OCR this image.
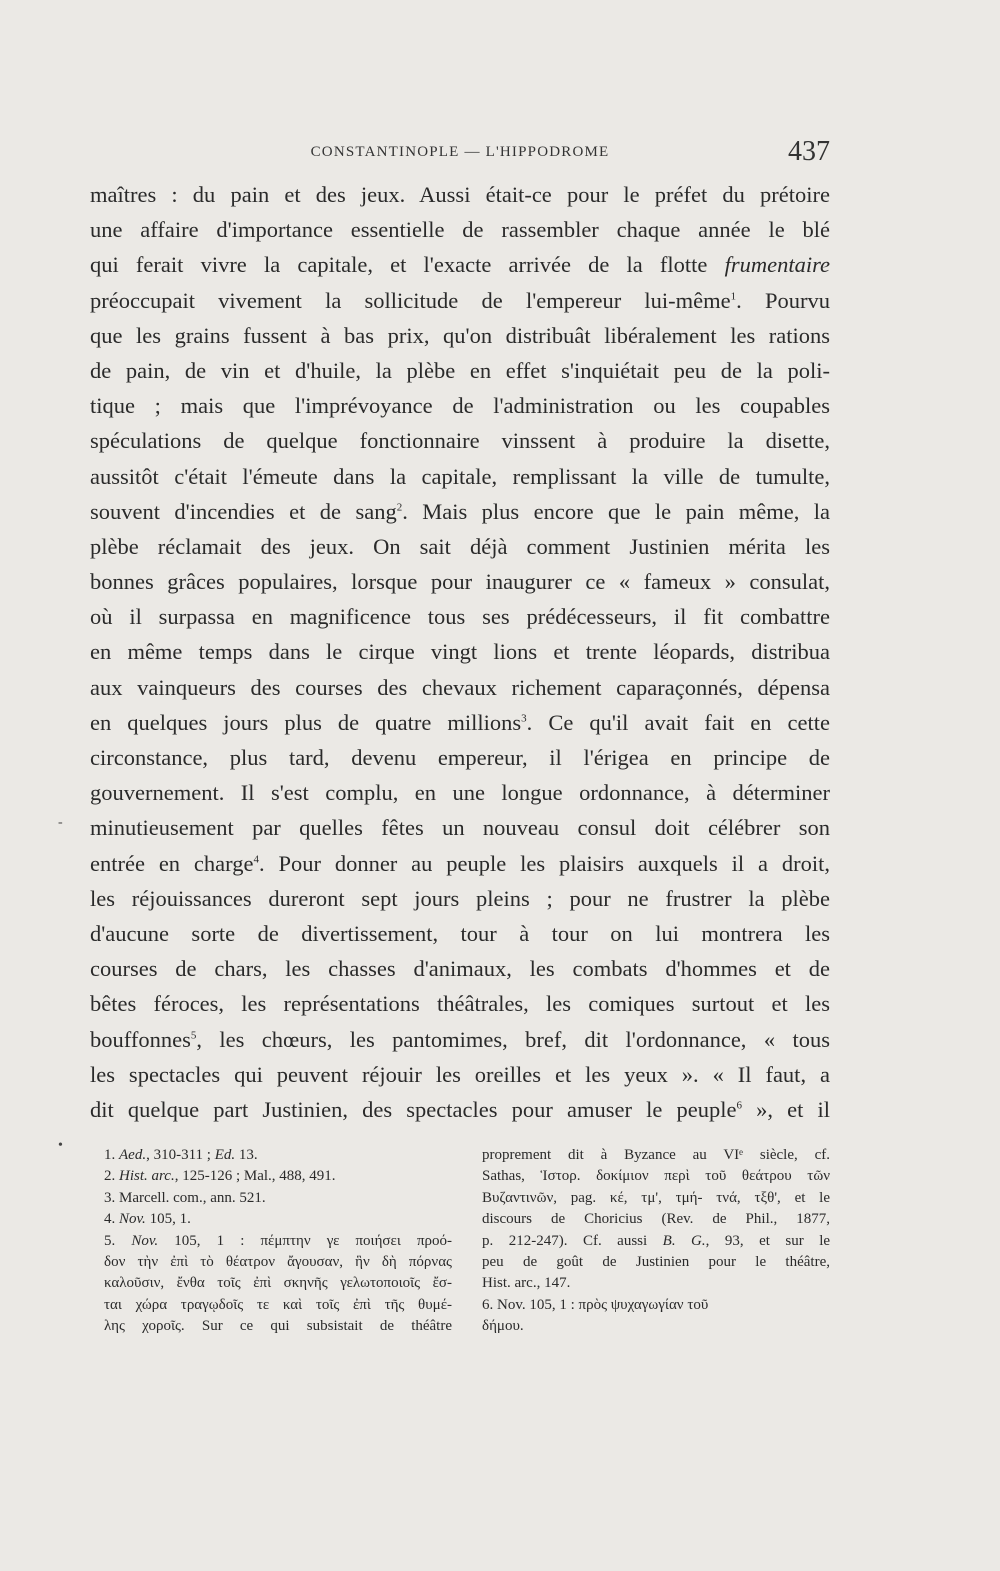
CONSTANTINOPLE — L'HIPPODROME	437
maîtres : du pain et des jeux. Aussi était-ce pour le préfet du prétoire
une affaire d'importance essentielle de rassembler chaque année le blé
qui ferait vivre la capitale, et l'exacte arrivée de la flotte frumentaire
préoccupait vivement la sollicitude de l'empereur lui-même$^1$. Pourvu
que les grains fussent à bas prix, qu'on distribuât libéralement les rations
de pain, de vin et d'huile, la plèbe en effet s'inquiétait peu de la poli-
tique ; mais que l'imprévoyance de l'administration ou les coupables
spéculations de quelque fonctionnaire vinssent à produire la disette,
aussitôt c'était l'émeute dans la capitale, remplissant la ville de tumulte,
souvent d'incendies et de sang$^2$. Mais plus encore que le pain même, la
plèbe réclamait des jeux. On sait déjà comment Justinien mérita les
bonnes grâces populaires, lorsque pour inaugurer ce « fameux » consulat,
où il surpassa en magnificence tous ses prédécesseurs, il fit combattre
en même temps dans le cirque vingt lions et trente léopards, distribua
aux vainqueurs des courses des chevaux richement caparaçonnés, dépensa
en quelques jours plus de quatre millions$^3$. Ce qu'il avait fait en cette
circonstance, plus tard, devenu empereur, il l'érigea en principe de
gouvernement. Il s'est complu, en une longue ordonnance, à déterminer
minutieusement par quelles fêtes un nouveau consul doit célébrer son
entrée en charge$^4$. Pour donner au peuple les plaisirs auxquels il a droit,
les réjouissances dureront sept jours pleins ; pour ne frustrer la plèbe
d'aucune sorte de divertissement, tour à tour on lui montrera les
courses de chars, les chasses d'animaux, les combats d'hommes et de
bêtes féroces, les représentations théâtrales, les comiques surtout et les
bouffonnes$^5$, les chœurs, les pantomimes, bref, dit l'ordonnance, « tous
les spectacles qui peuvent réjouir les oreilles et les yeux ». « Il faut, a
dit quelque part Justinien, des spectacles pour amuser le peuple$^6$ », et il
1. Aed., 310-311 ; Ed. 13.
2. Hist. arc., 125-126 ; Mal., 488, 491.
3. Marcell. com., ann. 521.
4. Nov. 105, 1.
5. Nov. 105, 1 : πέμπτην γε ποιήσει προό-
δον τὴν ἐπὶ τὸ θέατρον ἄγουσαν, ἣν δὴ πόρνας
καλοῦσιν, ἔνθα τοῖς ἐπὶ σκηνῆς γελωτοποιοῖς ἔσ-
ται χώρα τραγῳδοῖς τε καὶ τοῖς ἐπὶ τῆς θυμέ-
λης χοροῖς. Sur ce qui subsistait de théâtre
proprement dit à Byzance au VIᵉ siècle, cf.
Sathas, Ἱστορ. δοκίμιον περὶ τοῦ θεάτρου τῶν
Βυζαντινῶν, pag. κέ, τμ', τμή- τνά, τξθ', et le
discours de Choricius (Rev. de Phil., 1877,
p. 212-247). Cf. aussi B. G., 93, et sur le
peu de goût de Justinien pour le théâtre,
Hist. arc., 147.
6. Nov. 105, 1 : πρὸς ψυχαγωγίαν τοῦ
δήμου.
•
-
